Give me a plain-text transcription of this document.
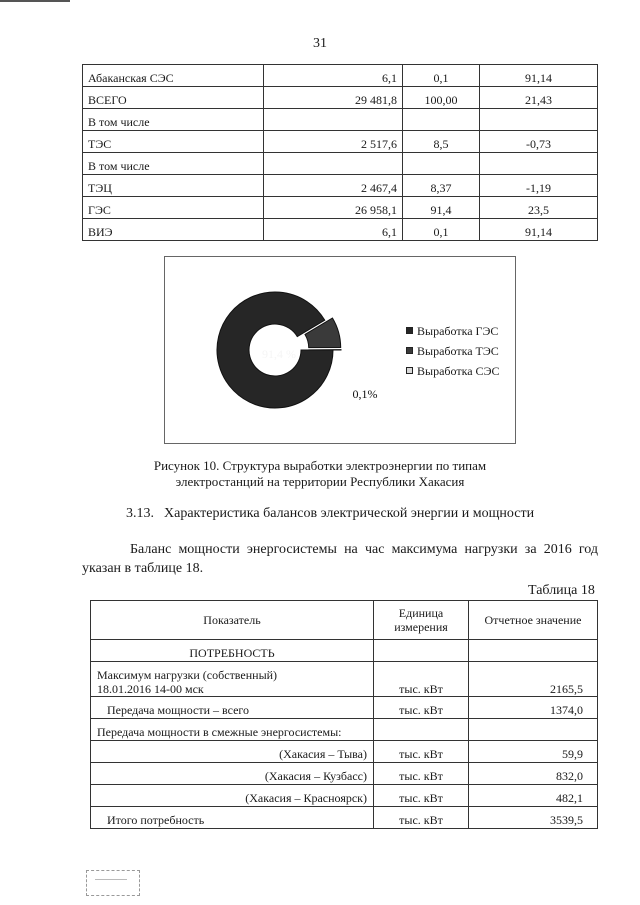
31
Абаканская СЭС	6,1	0,1	91,14
ВСЕГО	29 481,8	100,00	21,43
В том числе			
ТЭС	2 517,6	8,5	-0,73
В том числе			
ТЭЦ	2 467,4	8,37	-1,19
ГЭС	26 958,1	91,4	23,5
ВИЭ	6,1	0,1	91,14
91,4 %
0,1%
Выработка ГЭС
Выработка ТЭС
Выработка СЭС
Рисунок 10. Структура выработки электроэнергии по типам
электростанций на территории Республики Хакасия
3.13. Характеристика балансов электрической энергии и мощности
Баланс мощности энергосистемы на час максимума нагрузки за 2016 год указан в таблице 18.
Таблица 18
Показатель	Единица измерения	Отчетное значение
ПОТРЕБНОСТЬ		

Максимум нагрузки (собственный)
18.01.2016 14-00 мск	тыс. кВт	2165,5
Передача мощности – всего	тыс. кВт	1374,0
Передача мощности в смежные энергосистемы:		
(Хакасия – Тыва)	тыс. кВт	59,9
(Хакасия – Кузбасс)	тыс. кВт	832,0
(Хакасия – Красноярск)	тыс. кВт	482,1
Итого потребность	тыс. кВт	3539,5
